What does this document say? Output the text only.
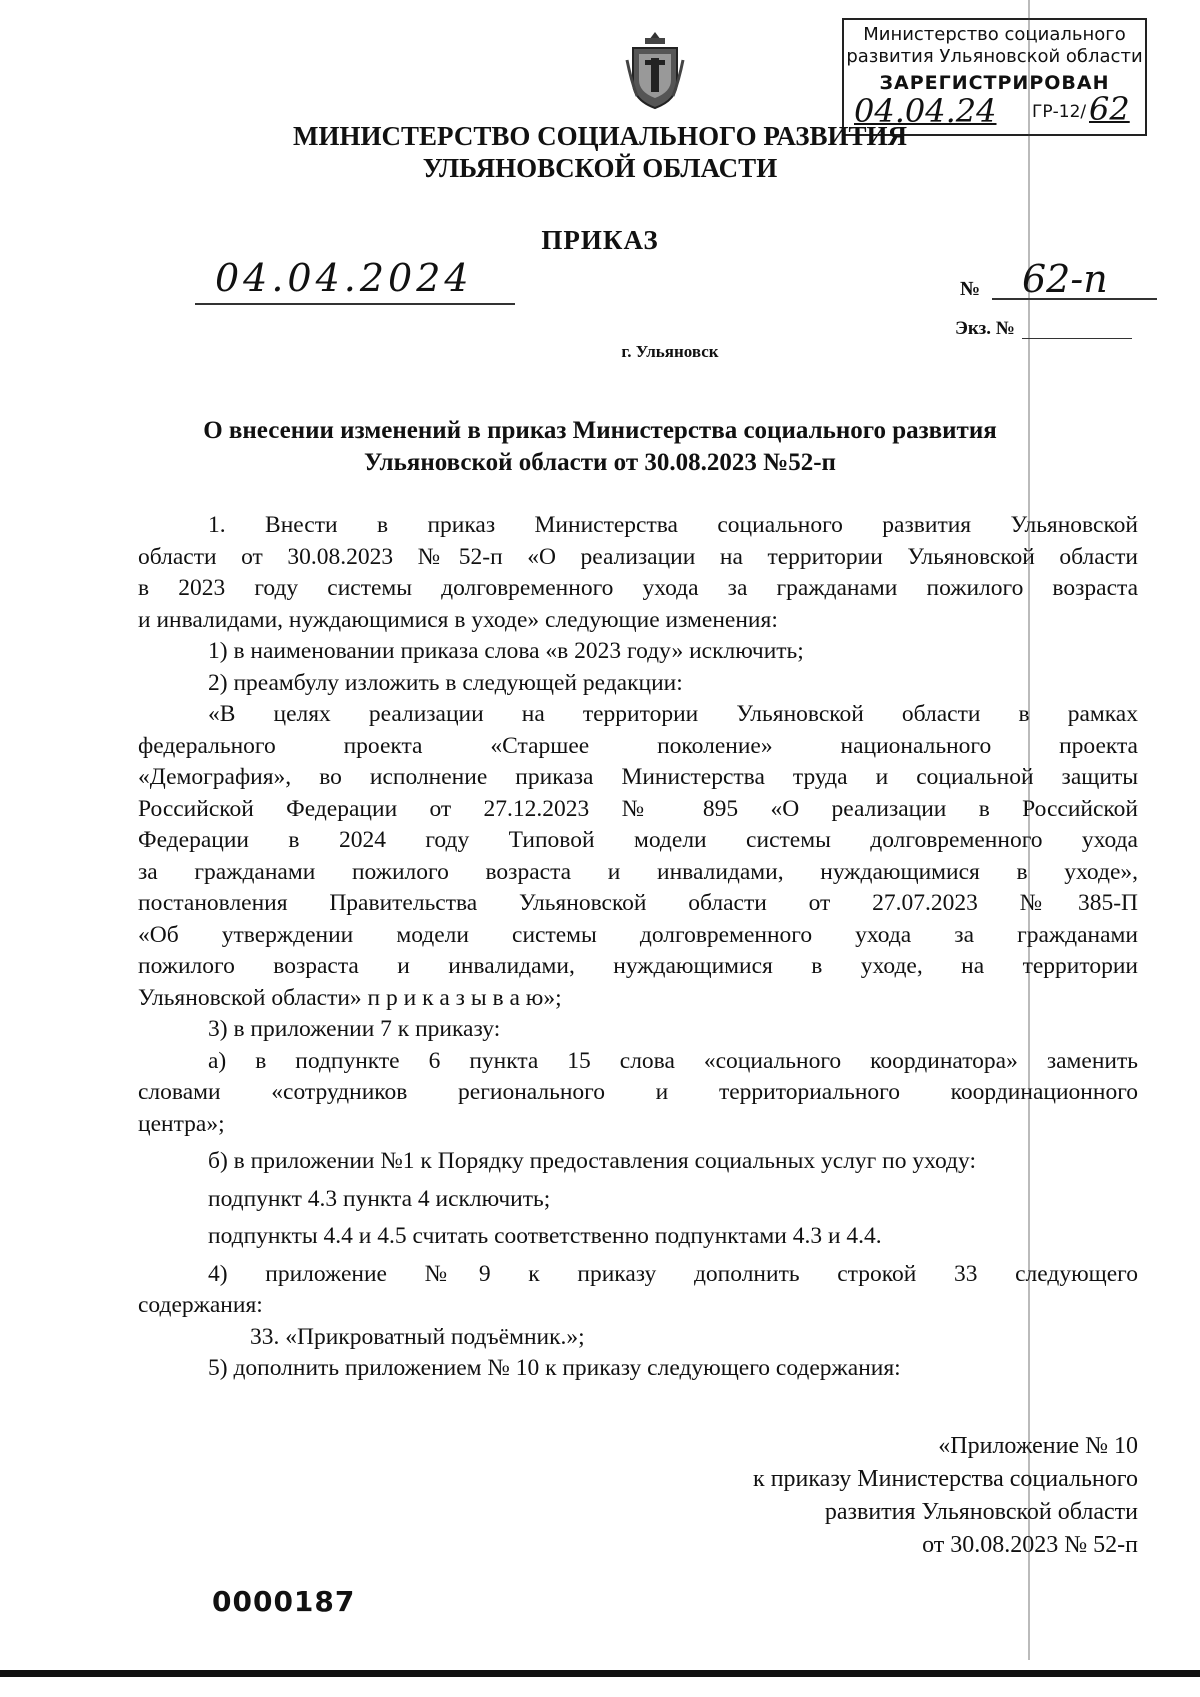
Министерство социального
развития Ульяновской области
ЗАРЕГИСТРИРОВАН
04.04.24 ГР-12/ 62
МИНИСТЕРСТВО СОЦИАЛЬНОГО РАЗВИТИЯ
УЛЬЯНОВСКОЙ ОБЛАСТИ
ПРИКАЗ
04.04.2024	№	62-п
Экз. №
г. Ульяновск
О внесении изменений в приказ Министерства социального развития
Ульяновской области от 30.08.2023 №52-п

1. Внести в приказ Министерства социального развития Ульяновской

области от 30.08.2023 №52-п «О реализации на территории Ульяновской области

в 2023 году системы долговременного ухода за гражданами пожилого возраста

и инвалидами, нуждающимися в уходе» следующие изменения:

1) в наименовании приказа слова «в 2023 году» исключить;

2) преамбулу изложить в следующей редакции:

«В целях реализации на территории Ульяновской области в рамках

федерального проекта «Старшее поколение» национального проекта

«Демография», во исполнение приказа Министерства труда и социальной защиты

Российской Федерации от 27.12.2023 № 895 «О реализации в Российской

Федерации в 2024 году Типовой модели системы долговременного ухода

за гражданами пожилого возраста и инвалидами, нуждающимися в уходе»,

постановления Правительства Ульяновской области от 27.07.2023 №385-П

«Об утверждении модели системы долговременного ухода за гражданами

пожилого возраста и инвалидами, нуждающимися в уходе, на территории

Ульяновской области» п р и к а з ы в а ю»;

3) в приложении 7 к приказу:

а) в подпункте 6 пункта 15 слова «социального координатора» заменить

словами «сотрудников регионального и территориального координационного

центра»;

б) в приложении №1 к Порядку предоставления социальных услуг по уходу:

подпункт 4.3 пункта 4 исключить;

подпункты 4.4 и 4.5 считать соответственно подпунктами 4.3 и 4.4.

4) приложение №9 к приказу дополнить строкой 33 следующего

содержания:

33. «Прикроватный подъёмник.»;

5) дополнить приложением № 10 к приказу следующего содержания:

«Приложение № 10
к приказу Министерства социального
развития Ульяновской области
от 30.08.2023 № 52-п
0000187
